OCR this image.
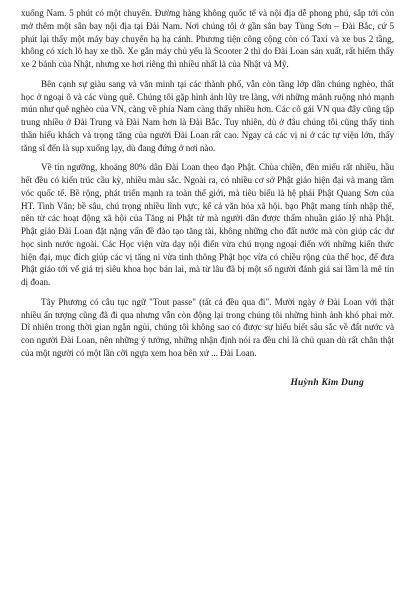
xuống Nam. 5 phút có một chuyến. Đường hàng không quốc tế và nội địa dễ phong phú, sắp tới còn mở thêm một sân bay nội địa tại Đài Nam. Nơi chúng tôi ở gần sân bay Tùng Sơn – Đài Bắc, cứ 5 phút lại thấy một máy bay chuyển hạ hạ cánh. Phương tiện công cộng còn có Taxi và xe bus 2 tầng, không có xích lô hay xe thồ. Xe gắn máy chủ yếu là Scooter 2 thì do Đài Loan sản xuất, rất hiếm thấy xe 2 bánh của Nhật, nhưng xe hơi riêng thì nhiều nhất là của Nhật và Mỹ.

Bên cạnh sự giàu sang và văn minh tại các thành phố, vẫn còn tầng lớp dân chúng nghèo, thất học ở ngoại ô và các vùng quê. Chúng tôi gặp hình ảnh lũy tre làng, với những mảnh ruộng nhỏ mạnh mún như quê nghèo của VN, càng về phía Nam càng thấy nhiều hơn. Các cô gái VN qua đây cũng tập trung nhiều ở Đài Trung và Đài Nam hơn là Đài Bắc. Tuy nhiên, dù ở đâu chúng tôi cũng thấy tinh thần hiếu khách và trọng tăng của người Đài Loan rất cao. Ngay cả các vị ni ở các tự viện lớn, thấy tăng sĩ đến là sụp xuống lạy, dù đang đứng ở nơi nào.

Về tín ngưỡng, khoảng 80% dân Đài Loan theo đạo Phật. Chùa chiền, đền miếu rất nhiều, hầu hết đều có kiến trúc cầu kỳ, nhiều màu sắc. Ngoài ra, có nhiều cơ sở Phật giáo hiện đại và mang tầm vóc quốc tế. Bề rộng, phát triển mạnh ra toàn thế giới, mà tiêu biểu là hệ phái Phật Quang Sơn của HT. Tinh Vân; bề sâu, chú trọng nhiều lĩnh vực, kể cả văn hóa xã hội. bạo Phật mang tính nhập thế, nên từ các hoạt động xã hội của Tăng ni Phật tử mà người dân được thấm nhuần giáo lý nhà Phật. Phật giáo Đài Loan đặt nặng vấn đề đào tạo tăng tài, không những cho đất nước mà còn giúp các dư học sinh nước ngoài. Các Học viện vừa dạy nội điển vừa chú trọng ngoại điển với những kiến thức hiện đại, mục đích giúp các vị tăng ni vừa tinh thông Phật học vừa có chiều rộng của thế học, để đưa Phật giáo tới vể giá trị siêu khoa học bản lai, mà từ lâu đã bị một số người đánh giá sai lầm là mê tín dị đoan.

Tây Phương có câu tục ngữ "Tout passe" (tất cả đều qua đi". Mười ngày ở Đài Loan với thật nhiều ấn tượng cũng đã đi qua nhưng vẫn còn động lại trong chúng tôi những hình ảnh khó phai mờ. Dĩ nhiên trong thời gian ngắn ngủi, chúng tôi không sao có được sự hiểu biết sâu sắc về đất nước và con người Đài Loan, nên những ý tưởng, những nhận định nói ra đều chỉ là chủ quan dù rất chân thật của một người có một lần cỡi ngựa xem hoa bên xứ ... Đài Loan.

Huỳnh Kim Dung
